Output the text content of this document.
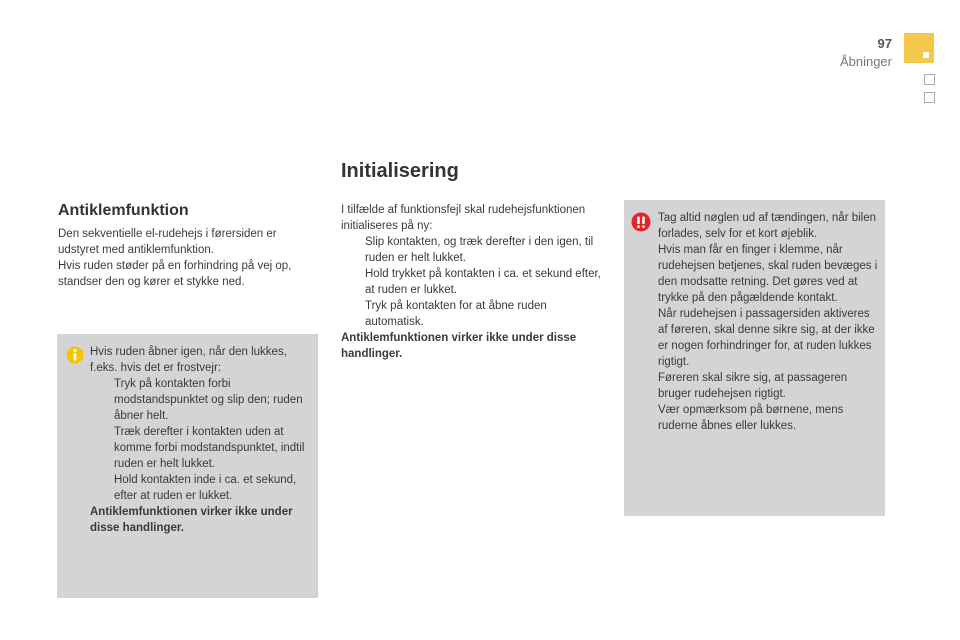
97
Åbninger
Initialisering
Antiklemfunktion

Den sekventielle el-rudehejs i førersiden er udstyret med antiklemfunktion.

Hvis ruden støder på en forhindring på vej op, standser den og kører et stykke ned.

I tilfælde af funktionsfejl skal rudehejsfunktionen initialiseres på ny:

Slip kontakten, og træk derefter i den igen, til ruden er helt lukket.
Hold trykket på kontakten i ca. et sekund efter, at ruden er lukket.
Tryk på kontakten for at åbne ruden automatisk.

Antiklemfunktionen virker ikke under disse handlinger.

Hvis ruden åbner igen, når den lukkes, f.eks. hvis det er frostvejr:

Tryk på kontakten forbi modstandspunktet og slip den; ruden åbner helt.
Træk derefter i kontakten uden at komme forbi modstandspunktet, indtil ruden er helt lukket.
Hold kontakten inde i ca. et sekund, efter at ruden er lukket.

Antiklemfunktionen virker ikke under disse handlinger.

Tag altid nøglen ud af tændingen, når bilen forlades, selv for et kort øjeblik.

Hvis man får en finger i klemme, når rudehejsen betjenes, skal ruden bevæges i den modsatte retning. Det gøres ved at trykke på den pågældende kontakt.

Når rudehejsen i passagersiden aktiveres af føreren, skal denne sikre sig, at der ikke er nogen forhindringer for, at ruden lukkes rigtigt.

Føreren skal sikre sig, at passageren bruger rudehejsen rigtigt.

Vær opmærksom på børnene, mens ruderne åbnes eller lukkes.
